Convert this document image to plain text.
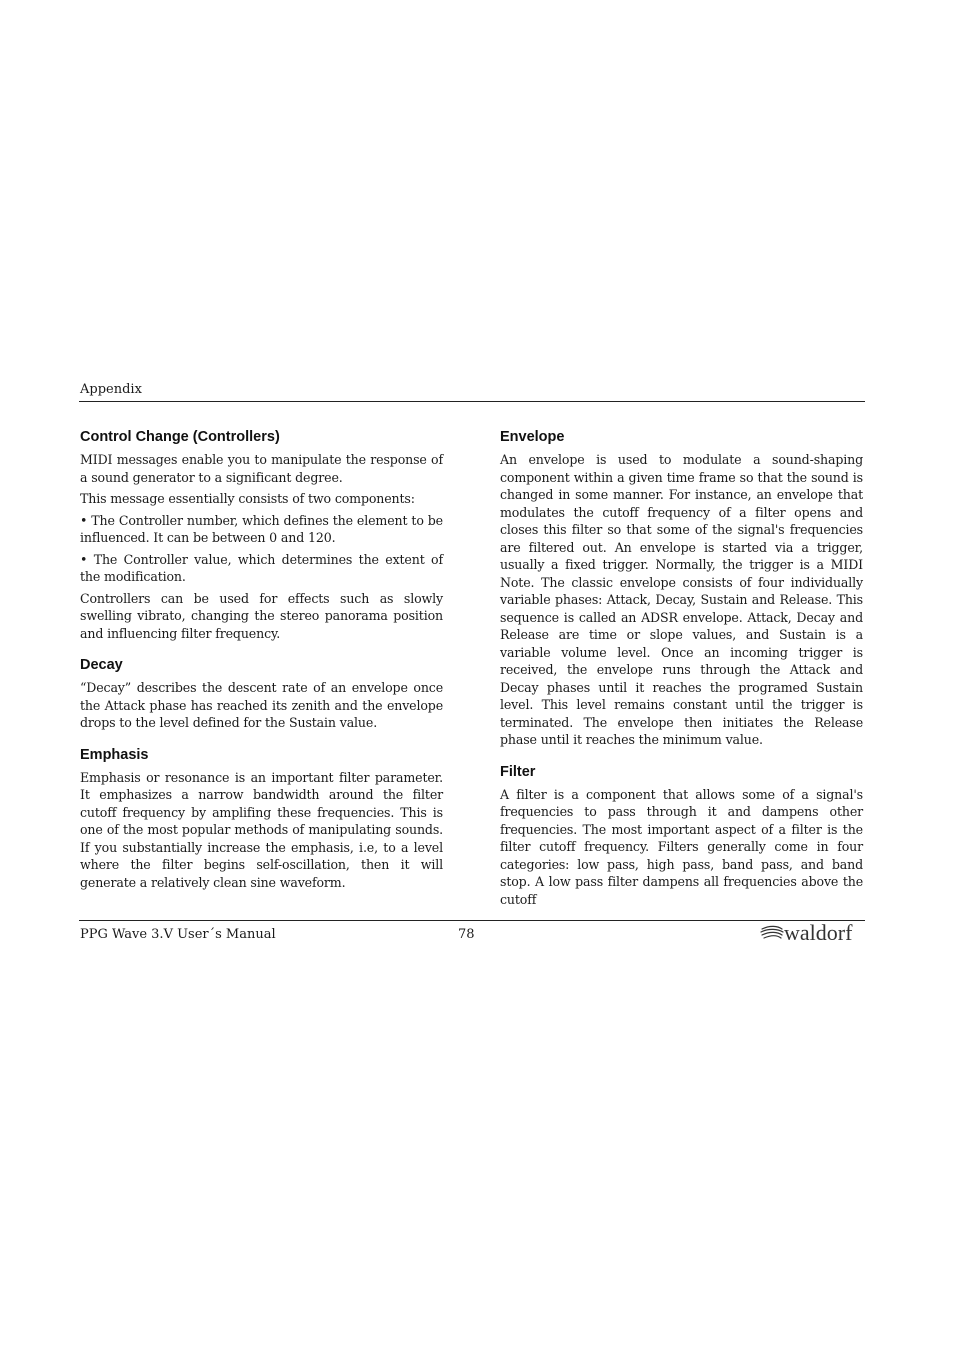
Appendix
Control Change (Controllers)

MIDI messages enable you to manipulate the response of a sound generator to a significant degree.

This message essentially consists of two components:

• The Controller number, which defines the element to be influenced. It can be between 0 and 120.

• The Controller value, which determines the extent of the modification.

Controllers can be used for effects such as slowly swelling vibrato, changing the stereo panorama position and influencing filter frequency.

Decay

“Decay” describes the descent rate of an envelope once the Attack phase has reached its zenith and the envelope drops to the level defined for the Sustain value.

Emphasis

Emphasis or resonance is an important filter parameter. It emphasizes a narrow bandwidth around the filter cutoff frequency by amplifing these frequencies. This is one of the most popular methods of manipulating sounds. If you substantially increase the emphasis, i.e, to a level where the filter begins self-oscillation, then it will generate a relatively clean sine waveform.

Envelope

An envelope is used to modulate a sound-shaping component within a given time frame so that the sound is changed in some manner. For instance, an envelope that modulates the cutoff frequency of a filter opens and closes this filter so that some of the signal's frequencies are filtered out. An envelope is started via a trigger, usually a fixed trigger. Normally, the trigger is a MIDI Note. The classic envelope consists of four individually variable phases: Attack, Decay, Sustain and Release. This sequence is called an ADSR envelope. Attack, Decay and Release are time or slope values, and Sustain is a variable volume level. Once an incoming trigger is received, the envelope runs through the Attack and Decay phases until it reaches the programed Sustain level. This level remains constant until the trigger is terminated. The envelope then initiates the Release phase until it reaches the minimum value.

Filter

A filter is a component that allows some of a signal's frequencies to pass through it and dampens other frequencies. The most important aspect of a filter is the filter cutoff frequency. Filters generally come in four categories: low pass, high pass, band pass, and band stop. A low pass filter dampens all frequencies above the cutoff

PPG Wave 3.V User´s Manual	78	waldorf
